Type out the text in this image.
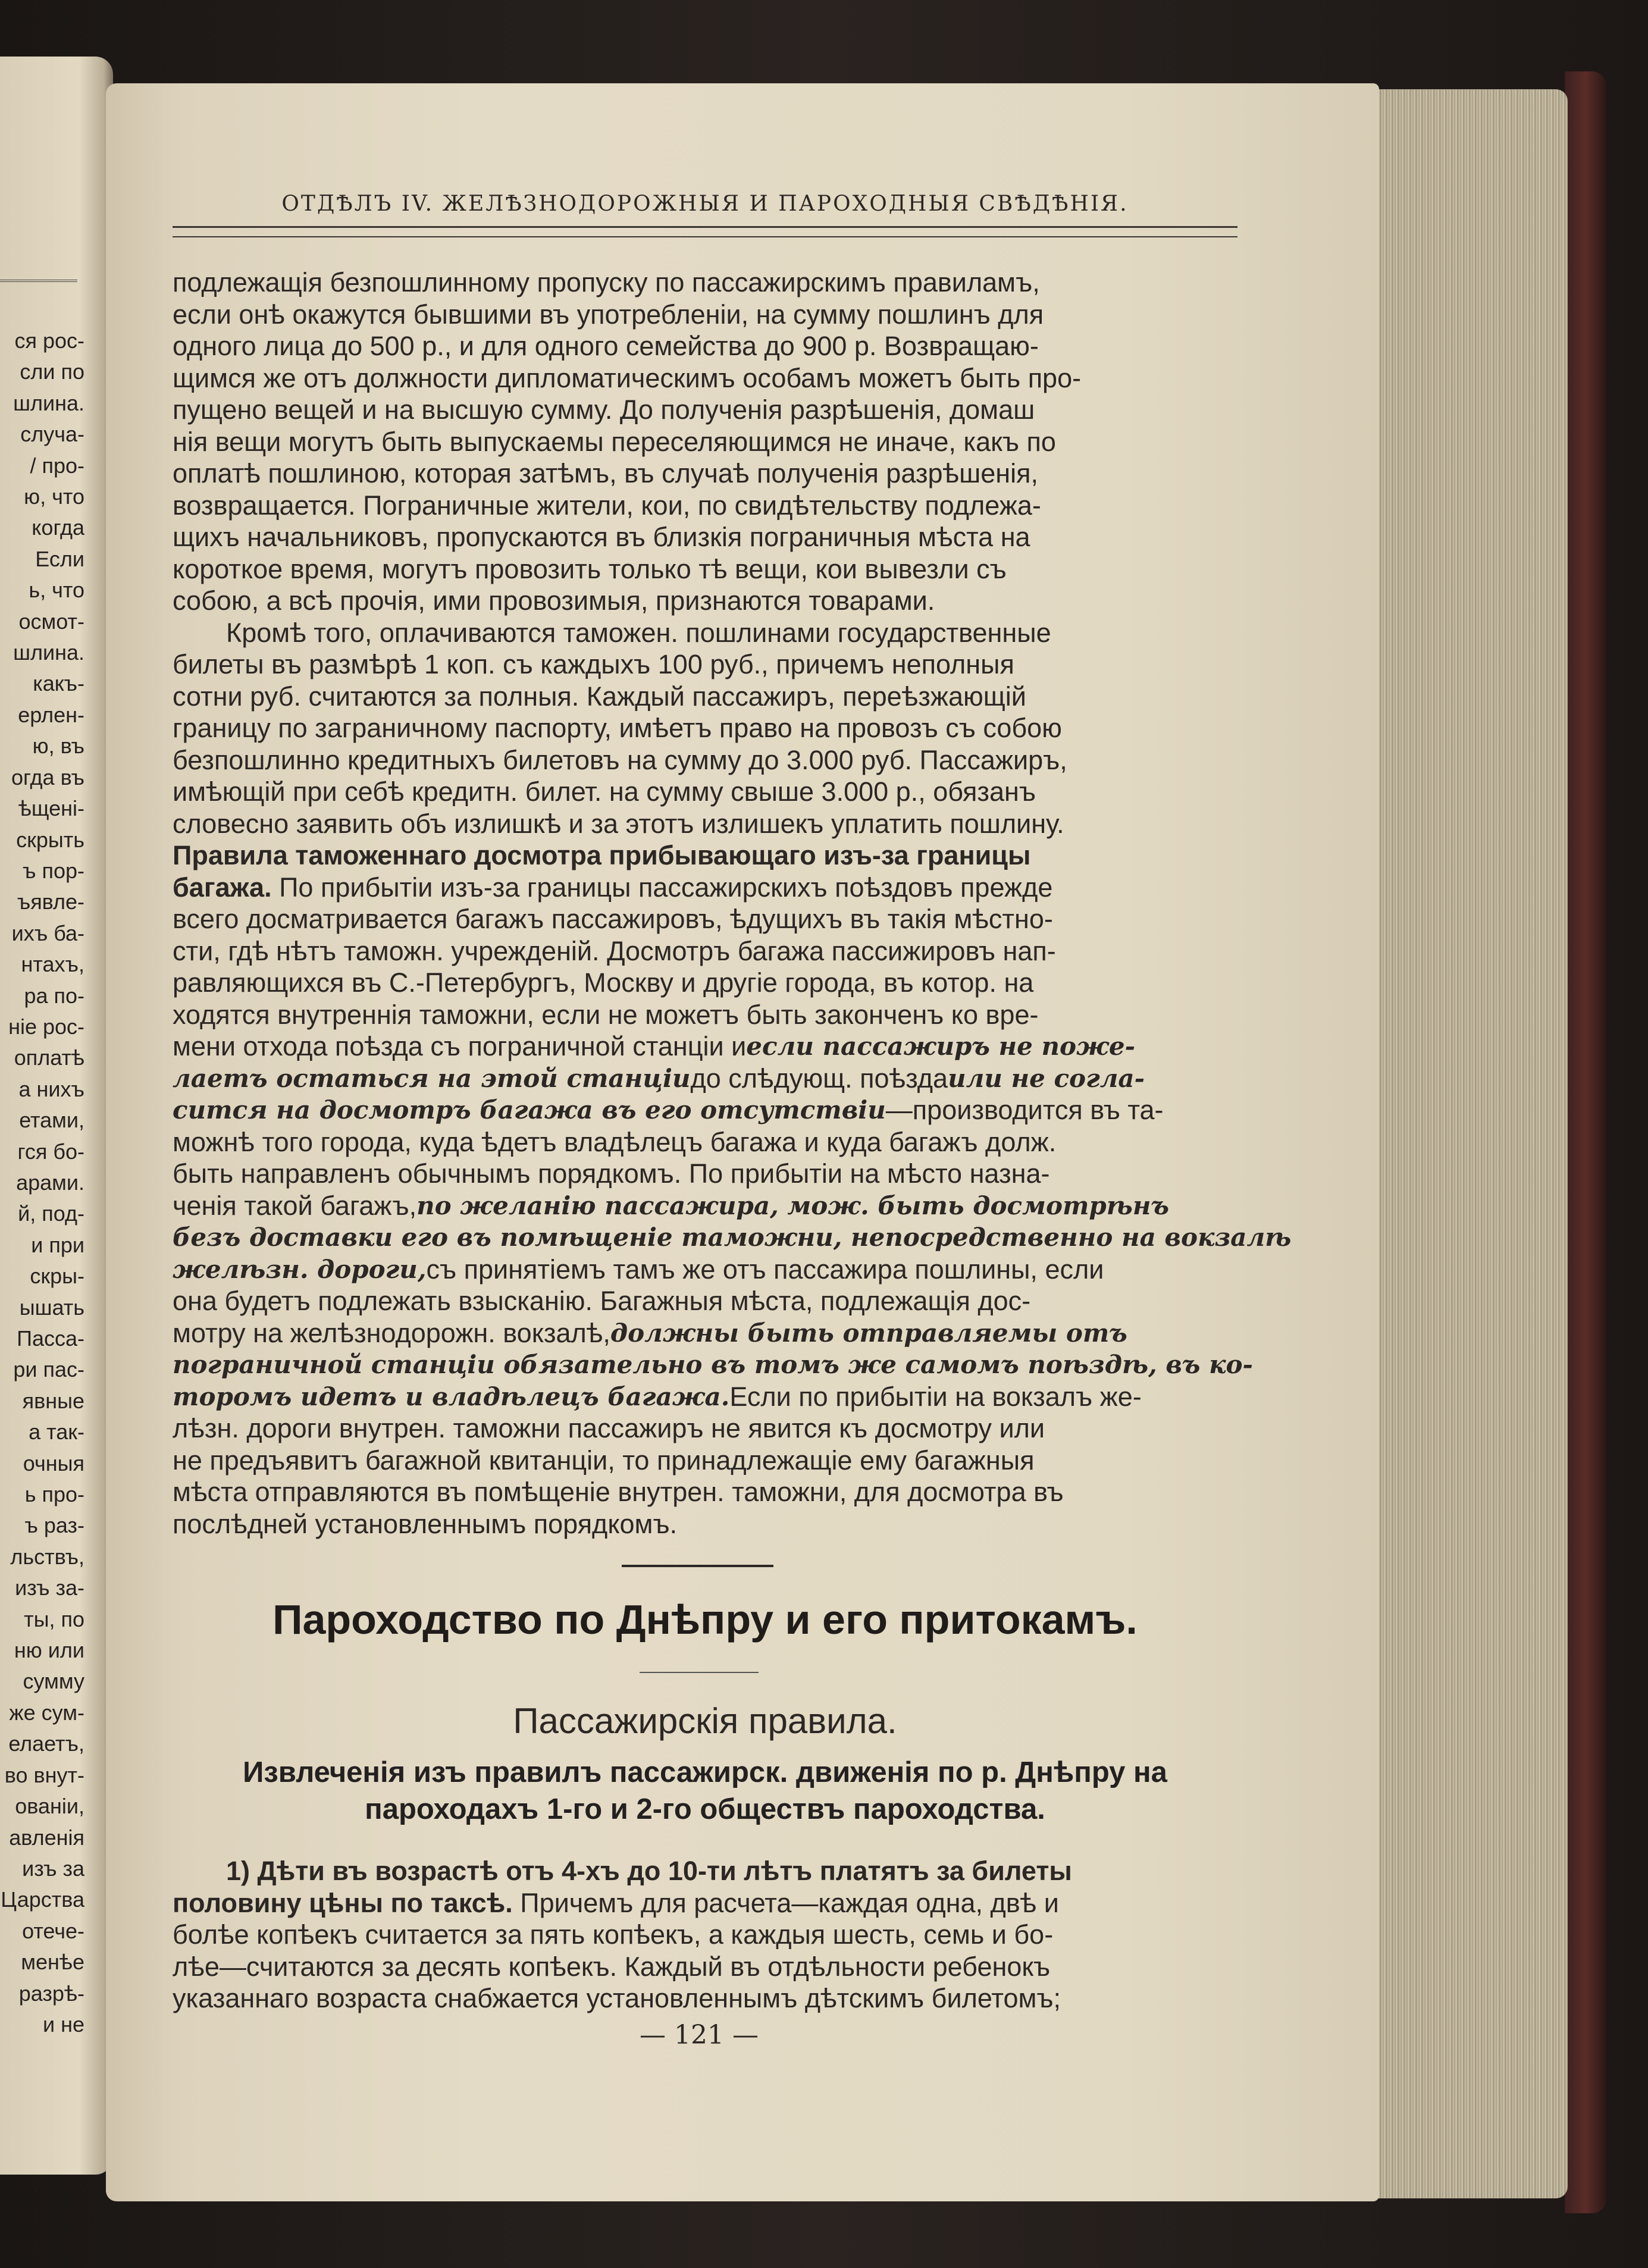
ся рос-
сли по
шлина.
случа-
/ про-
ю, что
когда
Если
ь, что
осмот-
шлина.
какъ-
ерлен-
ю, въ
огда въ
ѣщені-
скрыть
ъ пор-
ъявле-
ихъ ба-
нтахъ,
ра по-
ніе рос-
оплатѣ
а нихъ
етами,
гся бо-
арами.
й, под-
и при
скры-
ышать
Пасса-
ри пас-
явные
а так-
очныя
ь про-
ъ раз-
льствъ,
изъ за-
ты, по
ню или
сумму
же сум-
елаетъ,
во внут-
ованіи,
авленія
изъ за
Царства
отече-
менѣе
разрѣ-
и не
ОТДѢЛЪ IV. ЖЕЛѢЗНОДОРОЖНЫЯ И ПАРОХОДНЫЯ СВѢДѢНІЯ.
подлежащія безпошлинному пропуску по пассажирскимъ правиламъ,
если онѣ окажутся бывшими въ употребленіи, на сумму пошлинъ для
одного лица до 500 р., и для одного семейства до 900 р. Возвращаю-
щимся же отъ должности дипломатическимъ особамъ можетъ быть про-
пущено вещей и на высшую сумму. До полученія разрѣшенія, домаш
нія вещи могутъ быть выпускаемы переселяющимся не иначе, какъ по
оплатѣ пошлиною, которая затѣмъ, въ случаѣ полученія разрѣшенія,
возвращается. Пограничные жители, кои, по свидѣтельству подлежа-
щихъ начальниковъ, пропускаются въ близкія пограничныя мѣста на
короткое время, могутъ провозить только тѣ вещи, кои вывезли съ
собою, а всѣ прочія, ими провозимыя, признаются товарами.
Кромѣ того, оплачиваются таможен. пошлинами государственные
билеты въ размѣрѣ 1 коп. съ каждыхъ 100 руб., причемъ неполныя
сотни руб. считаются за полныя. Каждый пассажиръ, переѣзжающій
границу по заграничному паспорту, имѣетъ право на провозъ съ собою
безпошлинно кредитныхъ билетовъ на сумму до 3.000 руб. Пассажиръ,
имѣющій при себѣ кредитн. билет. на сумму свыше 3.000 р., обязанъ
словесно заявить объ излишкѣ и за этотъ излишекъ уплатить пошлину.
Правила таможеннаго досмотра прибывающаго изъ-за границы
багажа. По прибытіи изъ-за границы пассажирскихъ поѣздовъ прежде
всего досматривается багажъ пассажировъ, ѣдущихъ въ такія мѣстно-
сти, гдѣ нѣтъ таможн. учрежденій. Досмотръ багажа пассижировъ нап-
равляющихся въ С.-Петербургъ, Москву и другіе города, въ котор. на
ходятся внутреннія таможни, если не можетъ быть законченъ ко вре-
мени отхода поѣзда съ пограничной станціи и если пассажиръ не поже-
лаетъ остаться на этой станціи до слѣдующ. поѣзда или не согла-
сится на досмотръ багажа въ его отсутствіи —производится въ та-
можнѣ того города, куда ѣдетъ владѣлецъ багажа и куда багажъ долж.
быть направленъ обычнымъ порядкомъ. По прибытіи на мѣсто назна-
ченія такой багажъ, по желанію пассажира, мож. быть досмотрѣнъ
безъ доставки его въ помѣщеніе таможни, непосредственно на вокзалѣ
желѣзн. дороги, съ принятіемъ тамъ же отъ пассажира пошлины, если
она будетъ подлежать взысканію. Багажныя мѣста, подлежащія дос-
мотру на желѣзнодорожн. вокзалѣ, должны быть отправляемы отъ
пограничной станціи обязательно въ томъ же самомъ поѣздѣ, въ ко-
торомъ идетъ и владѣлецъ багажа. Если по прибытіи на вокзалъ же-
лѣзн. дороги внутрен. таможни пассажиръ не явится къ досмотру или
не предъявитъ багажной квитанціи, то принадлежащіе ему багажныя
мѣста отправляются въ помѣщеніе внутрен. таможни, для досмотра въ
послѣдней установленнымъ порядкомъ.
Пароходство по Днѣпру и его притокамъ.
Пассажирскія правила.
Извлеченія изъ правилъ пассажирск. движенія по р. Днѣпру на
пароходахъ 1-го и 2-го обществъ пароходства.
1) Дѣти въ возрастѣ отъ 4-хъ до 10-ти лѣтъ платятъ за билеты
половину цѣны по таксѣ. Причемъ для расчета—каждая одна, двѣ и
болѣе копѣекъ считается за пять копѣекъ, а каждыя шесть, семь и бо-
лѣе—считаются за десять копѣекъ. Каждый въ отдѣльности ребенокъ
указаннаго возраста снабжается установленнымъ дѣтскимъ билетомъ;
— 121 —
